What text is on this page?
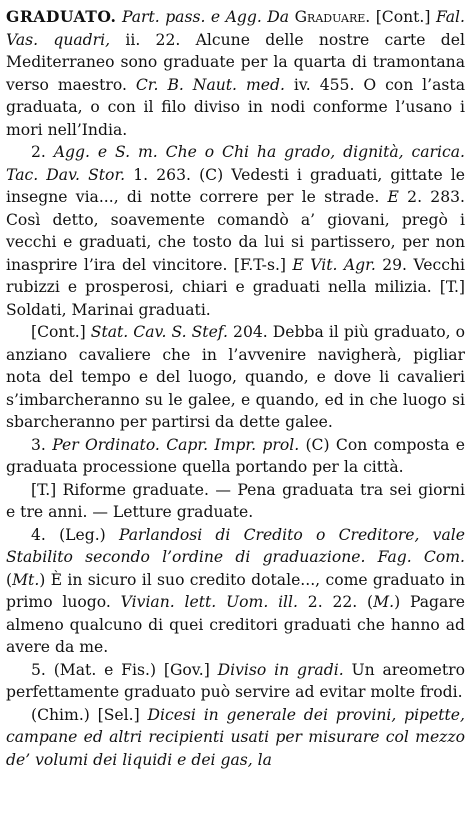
GRADUATO. Part. pass. e Agg. Da Graduare. [Cont.] Fal. Vas. quadri, ii. 22. Alcune delle nostre carte del Mediterraneo sono graduate per la quarta di tramontana verso maestro. Cr. B. Naut. med. iv. 455. O con l’asta graduata, o con il filo diviso in nodi conforme l’usano i mori nell’India.

2. Agg. e S. m. Che o Chi ha grado, dignità, carica. Tac. Dav. Stor. 1. 263. (C) Vedesti i graduati, gittate le insegne via..., di notte correre per le strade. E 2. 283. Così detto, soavemente comandò a’ giovani, pregò i vecchi e graduati, che tosto da lui si partissero, per non inasprire l’ira del vincitore. [F.T-s.] E Vit. Agr. 29. Vecchi rubizzi e prosperosi, chiari e graduati nella milizia. [T.] Soldati, Marinai graduati.

[Cont.] Stat. Cav. S. Stef. 204. Debba il più graduato, o anziano cavaliere che in l’avvenire navigherà, pigliar nota del tempo e del luogo, quando, e dove li cavalieri s’imbarcheranno su le galee, e quando, ed in che luogo si sbarcheranno per partirsi da dette galee.

3. Per Ordinato. Capr. Impr. prol. (C) Con composta e graduata processione quella portando per la città.

[T.] Riforme graduate. — Pena graduata tra sei giorni e tre anni. — Letture graduate.

4. (Leg.) Parlandosi di Credito o Creditore, vale Stabilito secondo l’ordine di graduazione. Fag. Com. (Mt.) È in sicuro il suo credito dotale..., come graduato in primo luogo. Vivian. lett. Uom. ill. 2. 22. (M.) Pagare almeno qualcuno di quei creditori graduati che hanno ad avere da me.

5. (Mat. e Fis.) [Gov.] Diviso in gradi. Un areometro perfettamente graduato può servire ad evitar molte frodi.

(Chim.) [Sel.] Dicesi in generale dei provini, pipette, campane ed altri recipienti usati per misurare col mezzo de’ volumi dei liquidi e dei gas, la
